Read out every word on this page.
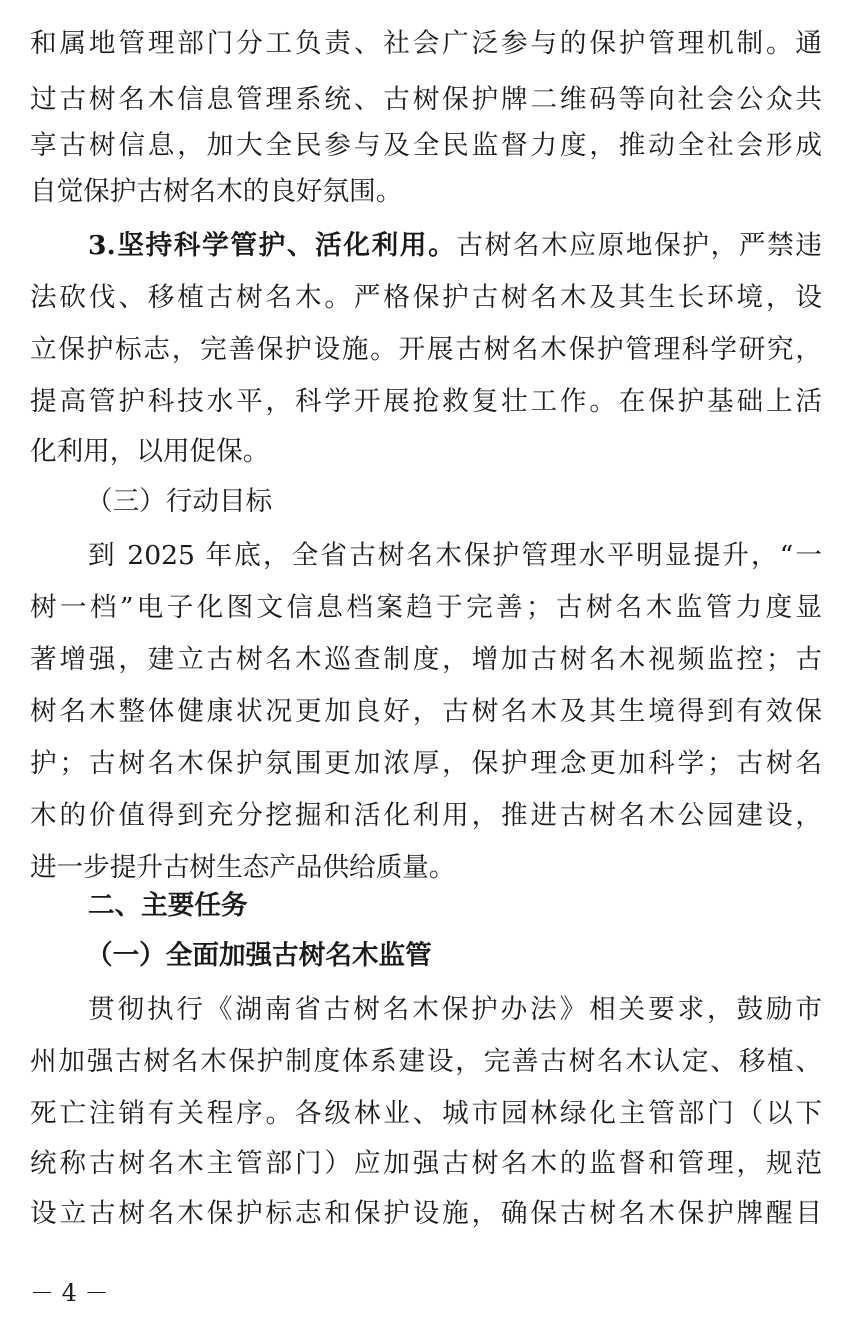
和属地管理部门分工负责、社会广泛参与的保护管理机制。通
过古树名木信息管理系统、古树保护牌二维码等向社会公众共
享古树信息，加大全民参与及全民监督力度，推动全社会形成
自觉保护古树名木的良好氛围。
3.坚持科学管护、活化利用。古树名木应原地保护，严禁违
法砍伐、移植古树名木。严格保护古树名木及其生长环境，设
立保护标志，完善保护设施。开展古树名木保护管理科学研究，
提高管护科技水平，科学开展抢救复壮工作。在保护基础上活
化利用，以用促保。
（三）行动目标
到 2025 年底，全省古树名木保护管理水平明显提升，“一
树一档”电子化图文信息档案趋于完善；古树名木监管力度显
著增强，建立古树名木巡查制度，增加古树名木视频监控；古
树名木整体健康状况更加良好，古树名木及其生境得到有效保
护；古树名木保护氛围更加浓厚，保护理念更加科学；古树名
木的价值得到充分挖掘和活化利用，推进古树名木公园建设，
进一步提升古树生态产品供给质量。
二、主要任务
（一）全面加强古树名木监管
贯彻执行《湖南省古树名木保护办法》相关要求，鼓励市
州加强古树名木保护制度体系建设，完善古树名木认定、移植、
死亡注销有关程序。各级林业、城市园林绿化主管部门（以下
统称古树名木主管部门）应加强古树名木的监督和管理，规范
设立古树名木保护标志和保护设施，确保古树名木保护牌醒目
－ 4 －
